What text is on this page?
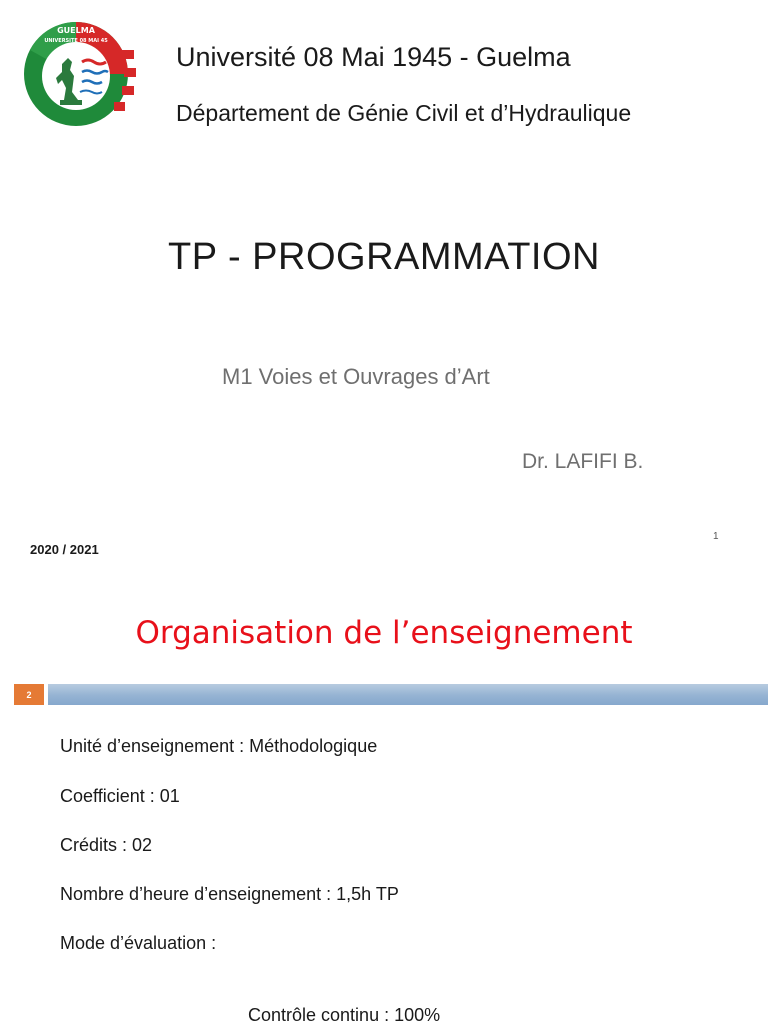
GUELMA
UNIVERSITE 08 MAI 45
Université 08 Mai 1945 - Guelma
Département de Génie Civil et d’Hydraulique
TP - PROGRAMMATION
M1 Voies et Ouvrages d’Art
Dr. LAFIFI B.
2020 / 2021
1
Organisation de l’enseignement
2
Unité d’enseignement : Méthodologique
Coefficient : 01
Crédits : 02
Nombre d’heure d’enseignement : 1,5h TP
Mode d’évaluation :
Contrôle continu : 100%
